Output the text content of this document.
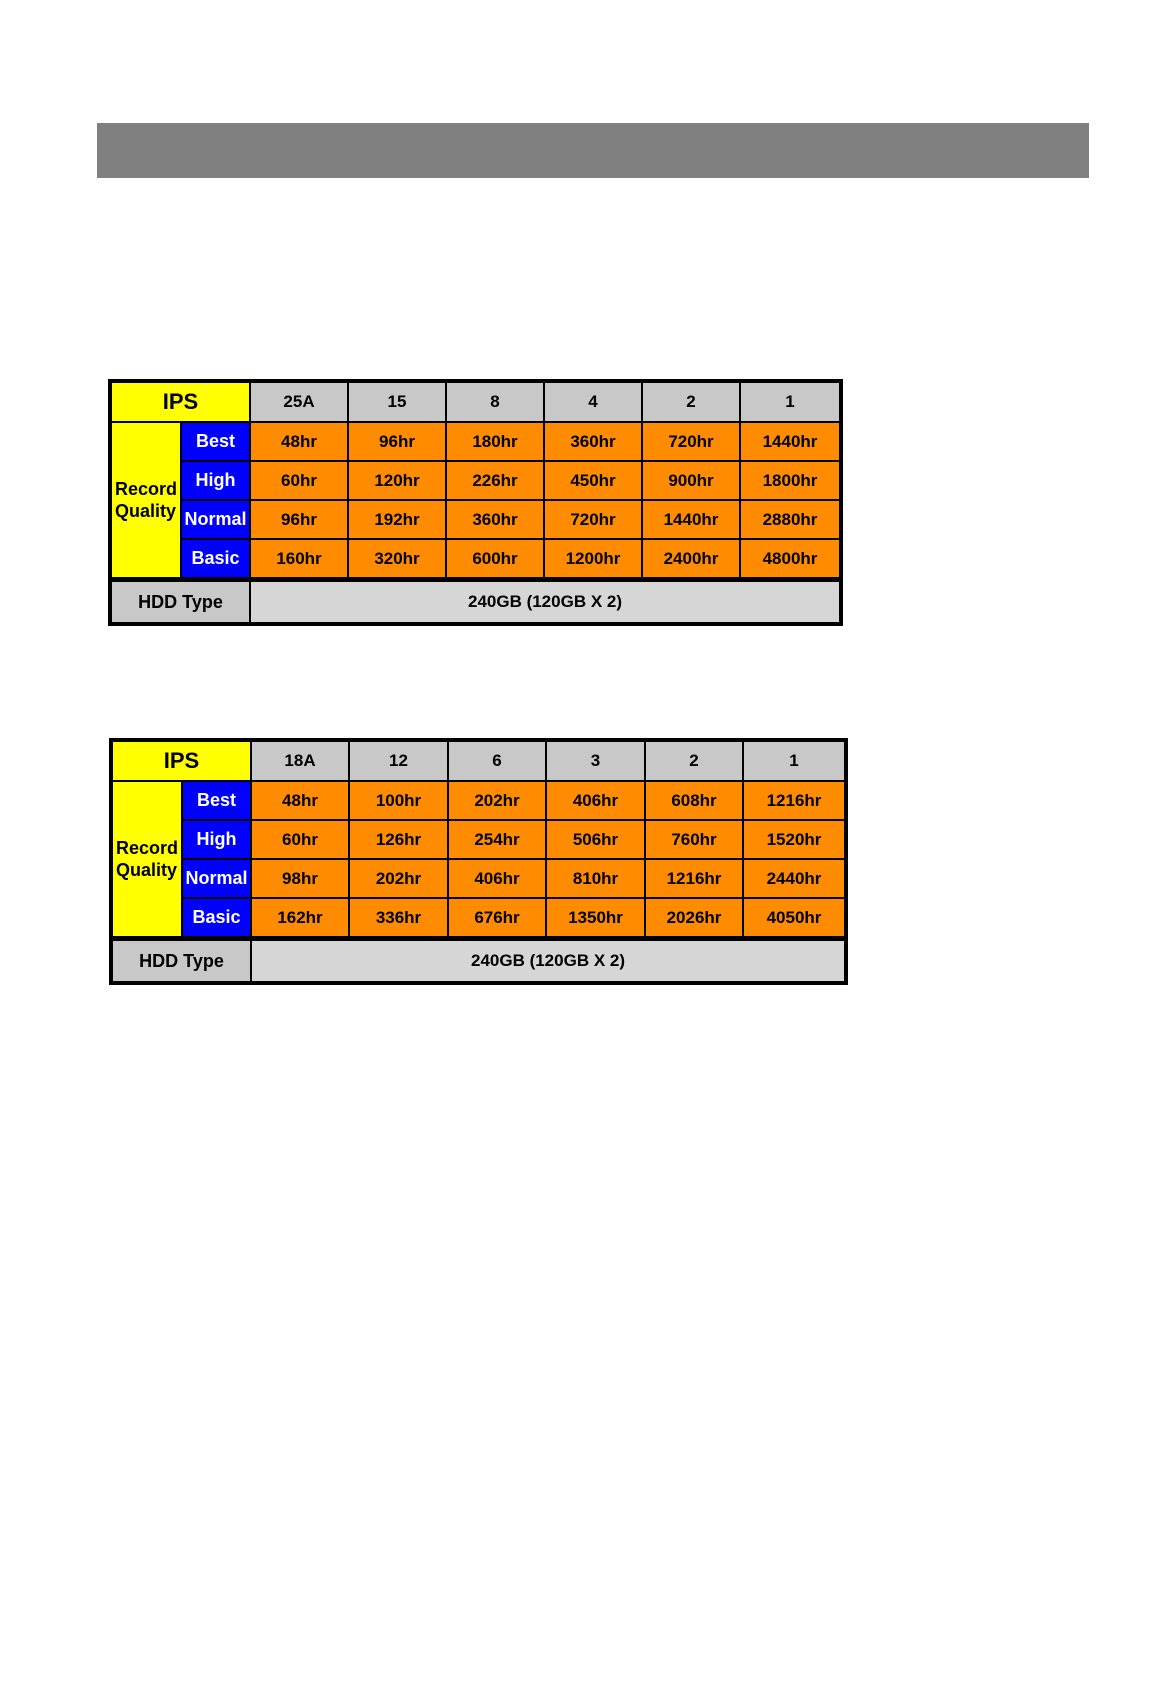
IPS		25A	15	8	4	2	1
Record
Quality	Best	48hr	96hr	180hr	360hr	720hr	1440hr
	High	60hr	120hr	226hr	450hr	900hr	1800hr
	Normal	96hr	192hr	360hr	720hr	1440hr	2880hr
	Basic	160hr	320hr	600hr	1200hr	2400hr	4800hr
HDD Type		240GB (120GB X 2)					
IPS		18A	12	6	3	2	1
Record
Quality	Best	48hr	100hr	202hr	406hr	608hr	1216hr
	High	60hr	126hr	254hr	506hr	760hr	1520hr
	Normal	98hr	202hr	406hr	810hr	1216hr	2440hr
	Basic	162hr	336hr	676hr	1350hr	2026hr	4050hr
HDD Type		240GB (120GB X 2)					
